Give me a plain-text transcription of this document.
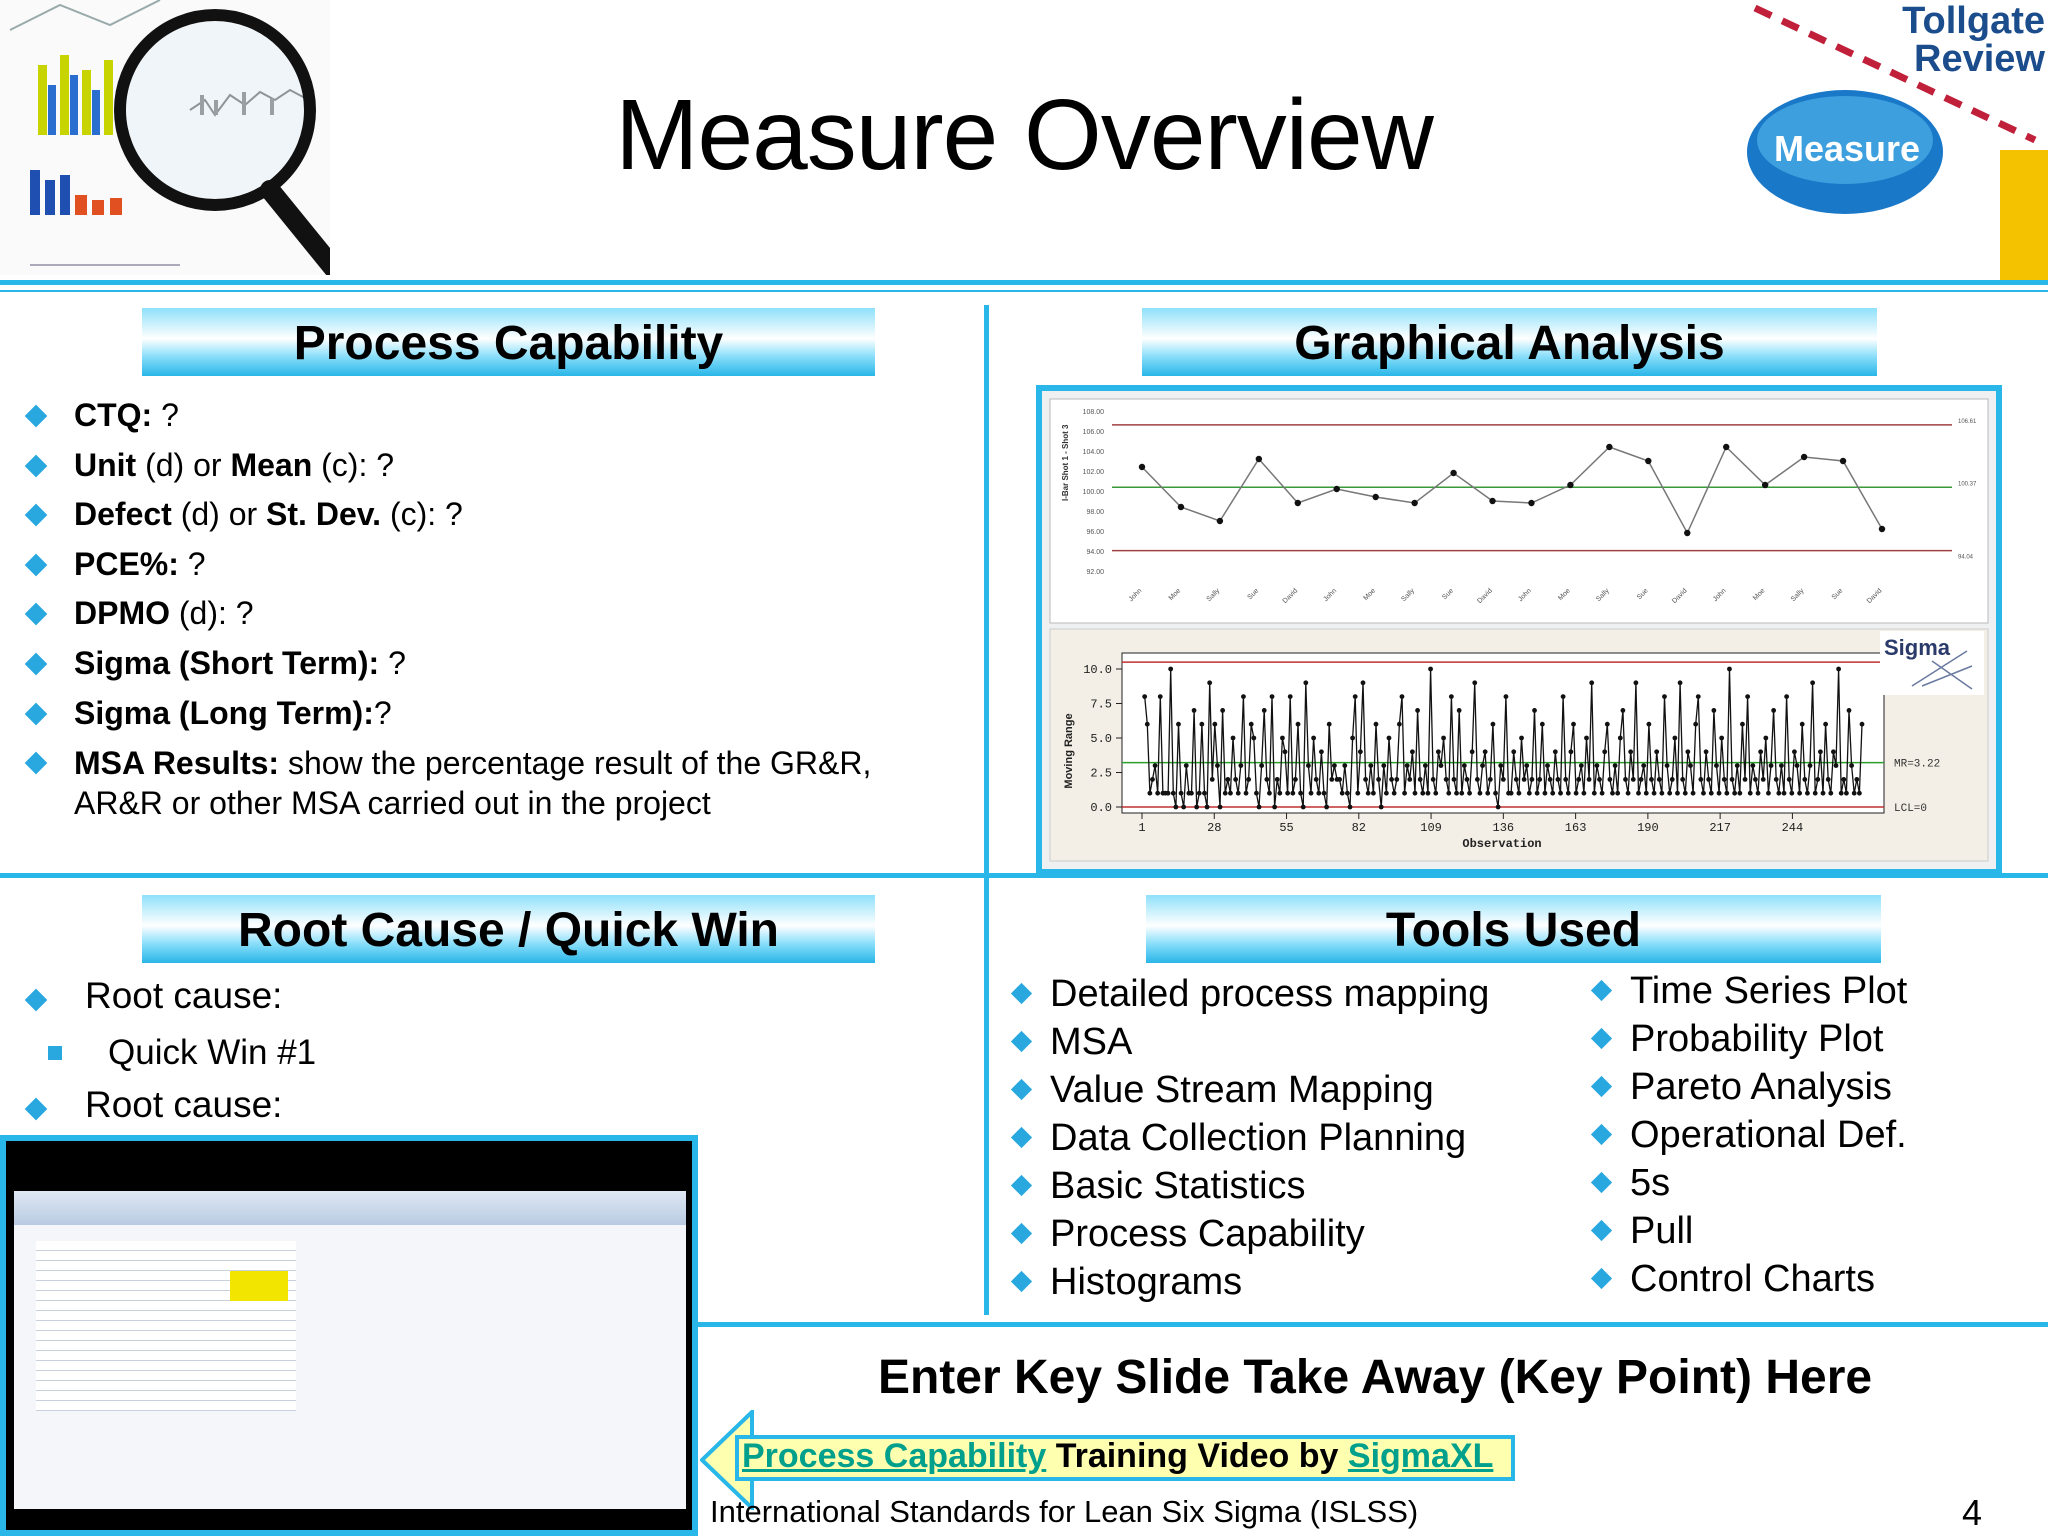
Measure Overview
Tollgate
Review
Measure
Process Capability	Graphical Analysis
Root Cause / Quick Win	Tools Used
CTQ: ?
Unit (d) or Mean (c): ?
Defect (d) or St. Dev. (c): ?
PCE%: ?
DPMO (d): ?
Sigma (Short Term): ?
Sigma (Long Term):?
MSA Results: show the percentage result of the GR&R, AR&R or other MSA carried out in the project
I-Bar Shot 1 - Shot 3
108.00
106.00
104.00
102.00
100.00
98.00
96.00
94.00
92.00
106.61
100.37
94.04
John	Moe	Sally	Sue	David	John	Moe	Sally	Sue	David	John	Moe	Sally	Sue	David	John	Moe	Sally	Sue	David
Moving Range
0.0
2.5
5.0
7.5
10.0
1	28	55	82	109	136	163	190	217	244
Observation
MR=3.22
LCL=0
Sigma
Root cause:
Quick Win #1
Root cause:
Detailed process mapping
MSA
Value Stream Mapping
Data Collection Planning
Basic Statistics
Process Capability
Histograms
Time Series Plot
Probability Plot
Pareto Analysis
Operational Def.
5s
Pull
Control Charts
Enter Key Slide Take Away (Key Point) Here
Process Capability Training Video by SigmaXL
International Standards for Lean Six Sigma (ISLSS)	4
